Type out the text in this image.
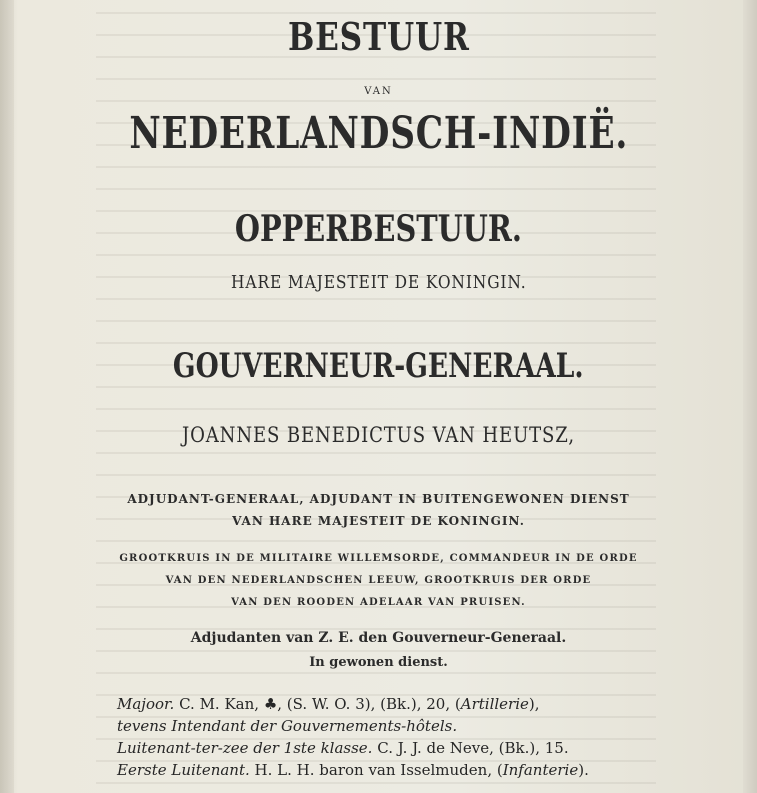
BESTUUR
VAN
NEDERLANDSCH-INDIË.
OPPERBESTUUR.
HARE MAJESTEIT DE KONINGIN.
GOUVERNEUR-GENERAAL.
JOANNES BENEDICTUS VAN HEUTSZ,
ADJUDANT-GENERAAL, ADJUDANT IN BUITENGEWONEN DIENST
VAN HARE MAJESTEIT DE KONINGIN.
GROOTKRUIS IN DE MILITAIRE WILLEMSORDE, COMMANDEUR IN DE ORDE
VAN DEN NEDERLANDSCHEN LEEUW, GROOTKRUIS DER ORDE
VAN DEN ROODEN ADELAAR VAN PRUISEN.
Adjudanten van Z. E. den Gouverneur-Generaal.
In gewonen dienst.
Majoor. C. M. Kan, ♣, (S. W. O. 3), (Bk.), 20, (Artillerie),
tevens Intendant der Gouvernements-hôtels.
Luitenant-ter-zee der 1ste klasse. C. J. J. de Neve, (Bk.), 15.
Eerste Luitenant. H. L. H. baron van Isselmuden, (Infanterie).
